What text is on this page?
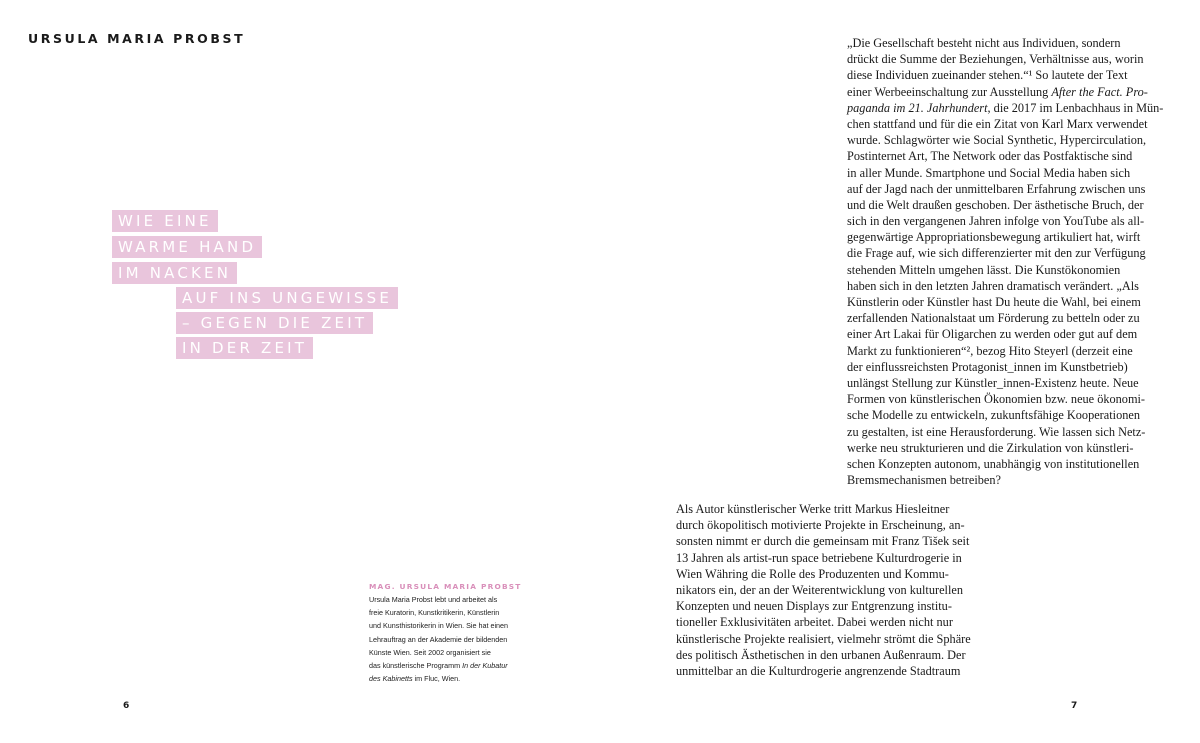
URSULA MARIA PROBST
WIE EINE
WARME HAND
IM NACKEN
AUF INS UNGEWISSE
– GEGEN DIE ZEIT
IN DER ZEIT
MAG. URSULA MARIA PROBST
Ursula Maria Probst lebt und arbeitet als
freie Kuratorin, Kunstkritikerin, Künstlerin
und Kunsthistorikerin in Wien. Sie hat einen
Lehrauftrag an der Akademie der bildenden
Künste Wien. Seit 2002 organisiert sie
das künstlerische Programm In der Kubatur
des Kabinetts im Fluc, Wien.
6
„Die Gesellschaft besteht nicht aus Individuen, sondern
drückt die Summe der Beziehungen, Verhältnisse aus, worin
diese Individuen zueinander stehen.“¹ So lautete der Text
einer Werbeeinschaltung zur Ausstellung After the Fact. Pro-
paganda im 21. Jahrhundert, die 2017 im Lenbachhaus in Mün-
chen stattfand und für die ein Zitat von Karl Marx verwendet
wurde. Schlagwörter wie Social Synthetic, Hypercirculation,
Postinternet Art, The Network oder das Postfaktische sind
in aller Munde. Smartphone und Social Media haben sich
auf der Jagd nach der unmittelbaren Erfahrung zwischen uns
und die Welt draußen geschoben. Der ästhetische Bruch, der
sich in den vergangenen Jahren infolge von YouTube als all-
gegenwärtige Appropriationsbewegung artikuliert hat, wirft
die Frage auf, wie sich differenzierter mit den zur Verfügung
stehenden Mitteln umgehen lässt. Die Kunstökonomien
haben sich in den letzten Jahren dramatisch verändert. „Als
Künstlerin oder Künstler hast Du heute die Wahl, bei einem
zerfallenden Nationalstaat um Förderung zu betteln oder zu
einer Art Lakai für Oligarchen zu werden oder gut auf dem
Markt zu funktionieren“², bezog Hito Steyerl (derzeit eine
der einflussreichsten Protagonist_innen im Kunstbetrieb)
unlängst Stellung zur Künstler_innen-Existenz heute. Neue
Formen von künstlerischen Ökonomien bzw. neue ökonomi-
sche Modelle zu entwickeln, zukunftsfähige Kooperationen
zu gestalten, ist eine Herausforderung. Wie lassen sich Netz-
werke neu strukturieren und die Zirkulation von künstleri-
schen Konzepten autonom, unabhängig von institutionellen
Bremsmechanismen betreiben?
Als Autor künstlerischer Werke tritt Markus Hiesleitner
durch ökopolitisch motivierte Projekte in Erscheinung, an-
sonsten nimmt er durch die gemeinsam mit Franz Tišek seit
13 Jahren als artist-run space betriebene Kulturdrogerie in
Wien Währing die Rolle des Produzenten und Kommu-
nikators ein, der an der Weiterentwicklung von kulturellen
Konzepten und neuen Displays zur Entgrenzung institu-
tioneller Exklusivitäten arbeitet. Dabei werden nicht nur
künstlerische Projekte realisiert, vielmehr strömt die Sphäre
des politisch Ästhetischen in den urbanen Außenraum. Der
unmittelbar an die Kulturdrogerie angrenzende Stadtraum
7
